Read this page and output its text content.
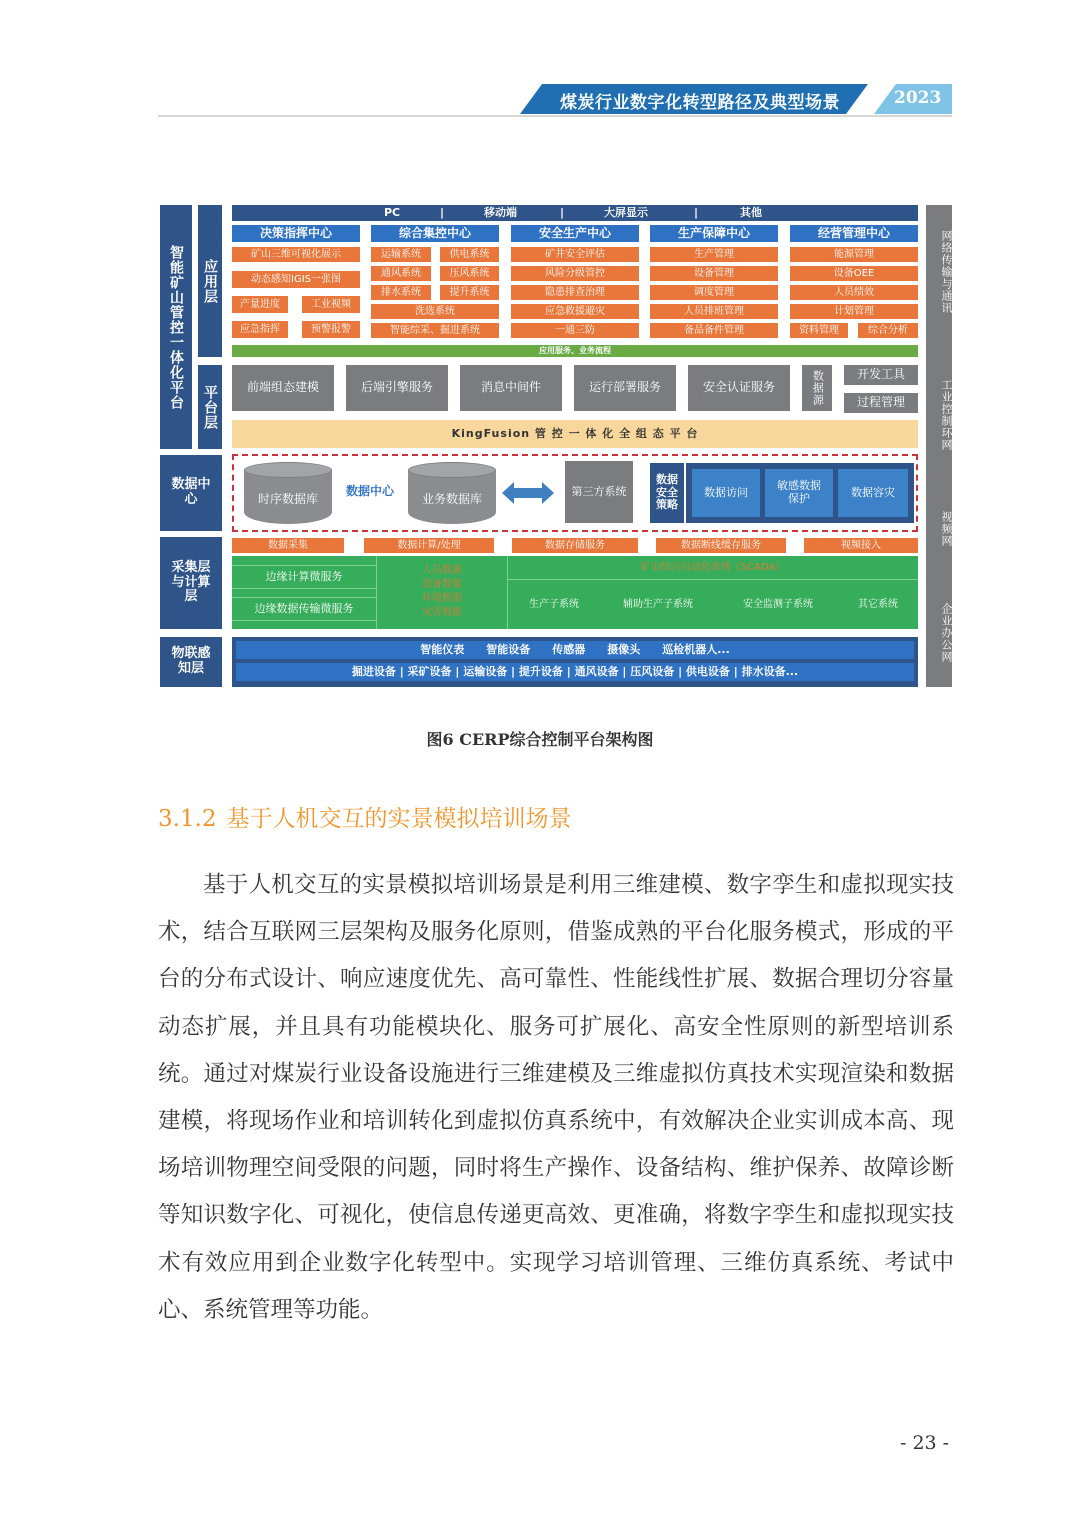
煤炭行业数字化转型路径及典型场景	2023
智能矿山管控一体化平台	应用层
平台层
数据中心
采集层与计算层
物联感知层
PC	|	移动端	|	大屏显示	|	其他
决策指挥中心	综合集控中心	安全生产中心	生产保障中心	经营管理中心
矿山三维可视化展示
动态感知IGIS一张图
产量进度	工业视频
应急指挥	预警报警
运输系统	供电系统
通风系统	压风系统
排水系统	提升系统
洗选系统
智能综采、掘进系统
矿井安全评估
风险分级管控
隐患排查治理
应急救援避灾
一通三防
生产管理
设备管理
调度管理
人员排班管理
备品备件管理
能源管理
设备OEE
人员绩效
计划管理
资料管理	综合分析
应用服务、业务流程
前端组态建模	后端引擎服务	消息中间件	运行部署服务	安全认证服务	数据源	开发工具
过程管理
KingFusion 管 控 一 体 化 全 组 态 平 台
时序数据库
数据中心
业务数据库
第三方系统
数据安全策略
数据访问	敏感数据保护	数据容灾
数据采集	数据计算/处理	数据存储服务	数据断线缓存服务	视频接入
边缘计算微服务
边缘数据传输微服务
人员数据
设备数据
环境数据
灾害数据
矿山综合自动化系统（SCADA）
生产子系统	辅助生产子系统	安全监测子系统	其它系统
智能仪表 智能设备 传感器 摄像头 巡检机器人...
掘进设备 | 采矿设备 | 运输设备 | 提升设备 | 通风设备 | 压风设备 | 供电设备 | 排水设备...
网络传输与通讯
工业控制环网
视频网
企业办公网
图6 CERP综合控制平台架构图
3.1.2 基于人机交互的实景模拟培训场景
基于人机交互的实景模拟培训场景是利用三维建模、数字孪生和虚拟现实技术，结合互联网三层架构及服务化原则，借鉴成熟的平台化服务模式，形成的平台的分布式设计、响应速度优先、高可靠性、性能线性扩展、数据合理切分容量动态扩展，并且具有功能模块化、服务可扩展化、高安全性原则的新型培训系统。通过对煤炭行业设备设施进行三维建模及三维虚拟仿真技术实现渲染和数据建模，将现场作业和培训转化到虚拟仿真系统中，有效解决企业实训成本高、现场培训物理空间受限的问题，同时将生产操作、设备结构、维护保养、故障诊断等知识数字化、可视化，使信息传递更高效、更准确，将数字孪生和虚拟现实技术有效应用到企业数字化转型中。实现学习培训管理、三维仿真系统、考试中心、系统管理等功能。
- 23 -
